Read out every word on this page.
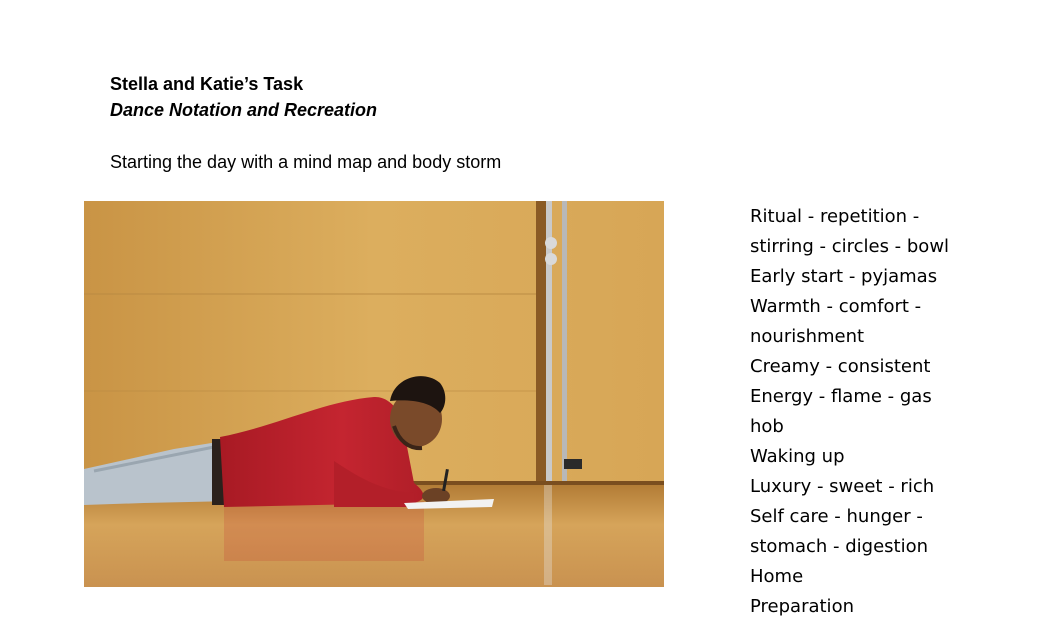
Stella and Katie’s Task
Dance Notation and Recreation
Starting the day with a mind map and body storm
Ritual - repetition -
stirring - circles - bowl
Early start - pyjamas
Warmth - comfort -
nourishment
Creamy - consistent
Energy - flame - gas
hob
Waking up
Luxury - sweet - rich
Self care - hunger -
stomach - digestion
Home
Preparation
